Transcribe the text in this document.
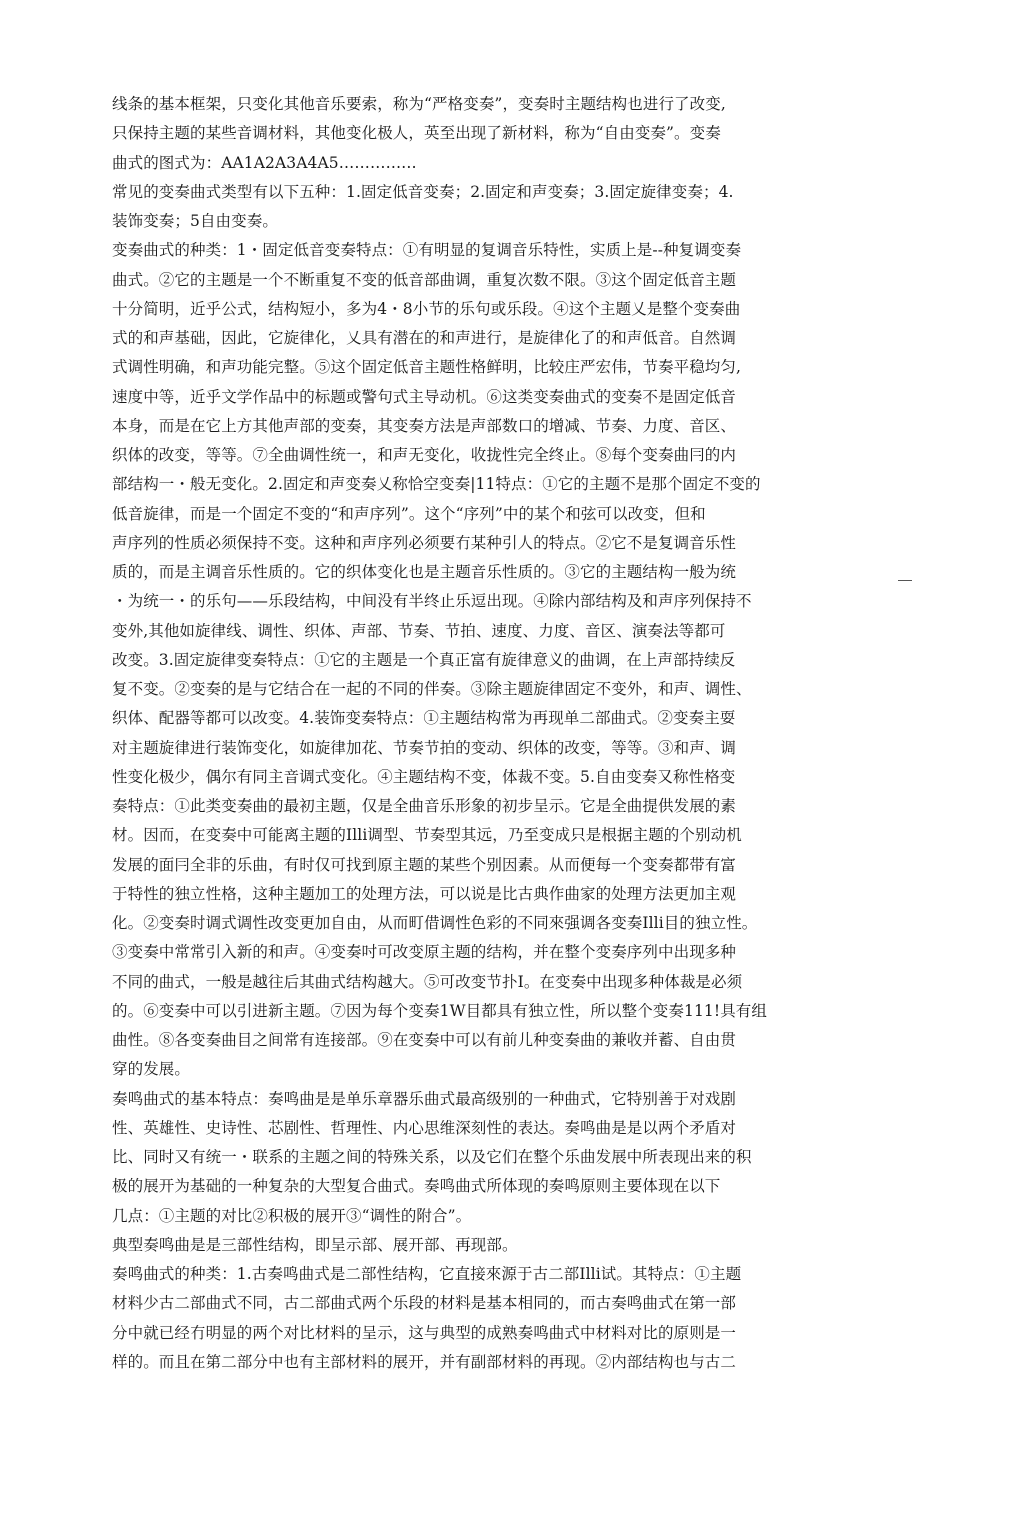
线条的基本框架，只变化其他音乐要索，称为“严格变奏”，变奏时主题结构也进行了改变,
只保持主题的某些音调材料，其他变化极人，英至出现了新材料，称为“自由变奏”。变奏
曲式的图式为：AA1A2A3A4A5……………
常见的变奏曲式类型有以下五种：1.固定低音变奏；2.固定和声变奏；3.固定旋律变奏；4.
装饰变奏；5自由变奏。
变奏曲式的种类：1・固定低音变奏特点：①有明显的复调音乐特性，实质上是--种复调变奏
曲式。②它的主题是一个不断重复不变的低音部曲调，重复次数不限。③这个固定低音主题
十分简明，近乎公式，结构短小，多为4・8小节的乐句或乐段。④这个主题乂是整个变奏曲
式的和声基础，因此，它旋律化，乂具有潜在的和声进行，是旋律化了的和声低音。自然调
式调性明确，和声功能完整。⑤这个固定低音主题性格鲜明，比较庄严宏伟，节奏平稳均匀,
速度中等，近乎文学作品中的标题或警句式主导动机。⑥这类变奏曲式的变奏不是固定低音
本身，而是在它上方其他声部的变奏，其变奏方法是声部数口的增减、节奏、力度、音区、
织体的改变，等等。⑦全曲调性统一，和声无变化，收拢性完全终止。⑧每个变奏曲冃的内
部结构一・般无变化。2.固定和声变奏乂称恰空变奏|11特点：①它的主题不是那个固定不变的
低音旋律，而是一个固定不变的“和声序列”。这个“序列”中的某个和弦可以改变，但和
声序列的性质必须保持不变。这种和声序列必须要冇某种引人的特点。②它不是复调音乐性
质的，而是主调音乐性质的。它的织体变化也是主题音乐性质的。③它的主题结构一般为统
・为统一・的乐句——乐段结构，中间没有半终止乐逗出现。④除内部结构及和声序列保持不
变外,其他如旋律线、调性、织体、声部、节奏、节拍、速度、力度、音区、演奏法等都可
改变。3.固定旋律变奏特点：①它的主题是一个真正富有旋律意义的曲调，在上声部持续反
复不变。②变奏的是与它结合在一起的不同的伴奏。③除主题旋律固定不变外，和声、调性、
织体、配器等都可以改变。4.装饰变奏特点：①主题结构常为再现单二部曲式。②变奏主耍
对主题旋律进行装饰变化，如旋律加花、节奏节拍的变动、织体的改变，等等。③和声、调
性变化极少，偶尔有同主音调式变化。④主题结构不变，体裁不变。5.自由变奏又称性格变
奏特点：①此类变奏曲的最初主题，仅是全曲音乐形象的初步呈示。它是全曲提供发展的素
材。因而，在变奏中可能离主题的Illi调型、节奏型其远，乃至变成只是根据主题的个别动机
发展的面冃全非的乐曲，有时仅可找到原主题的某些个别因素。从而便每一个变奏都带有富
于特性的独立性格，这种主题加工的处理方法，可以说是比古典作曲家的处理方法更加主观
化。②变奏时调式调性改变更加自由，从而町借调性色彩的不同來强调各变奏Illi目的独立性。
③变奏中常常引入新的和声。④变奏吋可改变原主题的结构，并在整个变奏序列中出现多种
不同的曲式，一般是越往后其曲式结构越大。⑤可改变节扑I。在变奏中出现多种体裁是必须
的。⑥变奏中可以引进新主题。⑦因为每个变奏1W目都具有独立性，所以整个变奏111!具有组
曲性。⑧各变奏曲目之间常有连接部。⑨在变奏中可以有前儿种变奏曲的兼收并蓄、自由贯
穿的发展。
奏鸣曲式的基本特点：奏鸣曲是是单乐章器乐曲式最高级别的一种曲式，它特别善于对戏剧
性、英雄性、史诗性、芯剧性、哲理性、内心思维深刻性的表达。奏鸣曲是是以两个矛盾对
比、同时又有统一・联系的主题之间的特殊关系，以及它们在整个乐曲发展中所表现出来的积
极的展开为基础的一种复杂的大型复合曲式。奏鸣曲式所体现的奏鸣原则主要体现在以下
几点：①主题的对比②积极的展开③“调性的附合”。
典型奏鸣曲是是三部性结构，即呈示部、展开部、再现部。
奏鸣曲式的种类：1.古奏鸣曲式是二部性结构，它直接來源于古二部Illi试。其特点：①主题
材料少古二部曲式不同，古二部曲式两个乐段的材料是基本相同的，而古奏鸣曲式在第一部
分中就已经冇明显的两个对比材料的呈示，这与典型的成熟奏鸣曲式中材料对比的原则是一
样的。而且在第二部分中也有主部材料的展开，并有副部材料的再现。②内部结构也与古二
